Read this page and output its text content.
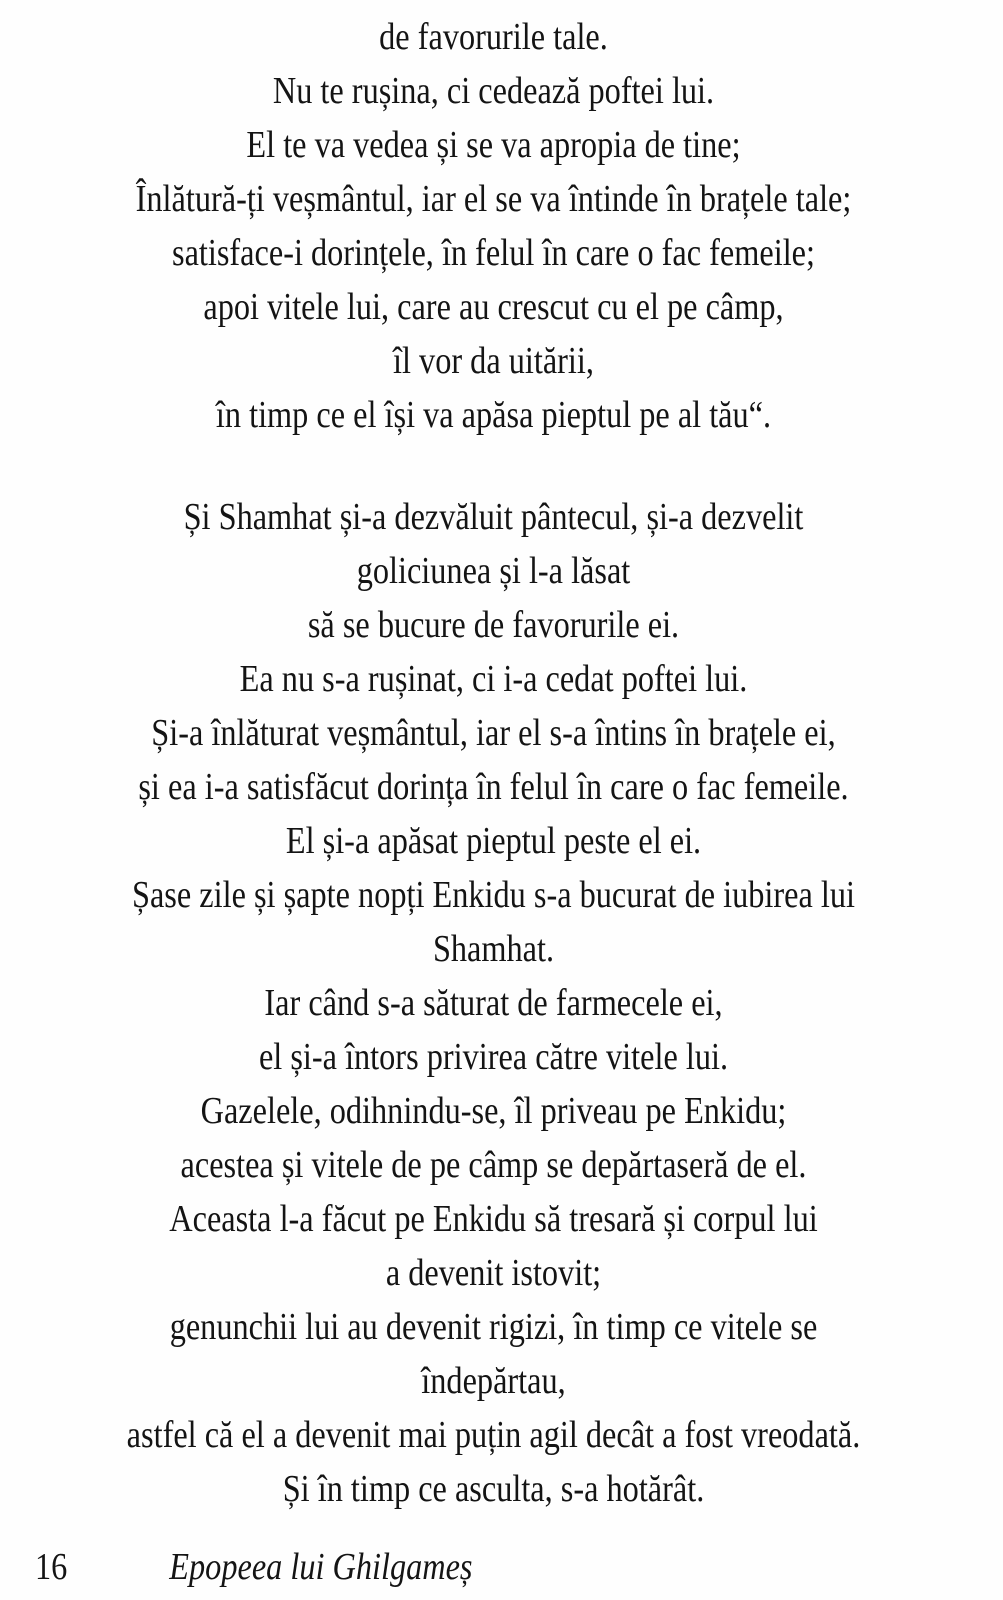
de favorurile tale.
Nu te rușina, ci cedează poftei lui.
El te va vedea și se va apropia de tine;
Înlătură-ți veșmântul, iar el se va întinde în brațele tale;
satisface-i dorințele, în felul în care o fac femeile;
apoi vitele lui, care au crescut cu el pe câmp,
îl vor da uitării,
în timp ce el își va apăsa pieptul pe al tău“.
Și Shamhat și-a dezvăluit pântecul, și-a dezvelit
goliciunea și l-a lăsat
să se bucure de favorurile ei.
Ea nu s-a rușinat, ci i-a cedat poftei lui.
Și-a înlăturat veșmântul, iar el s-a întins în brațele ei,
și ea i-a satisfăcut dorința în felul în care o fac femeile.
El și-a apăsat pieptul peste el ei.
Șase zile și șapte nopți Enkidu s-a bucurat de iubirea lui
Shamhat.
Iar când s-a săturat de farmecele ei,
el și-a întors privirea către vitele lui.
Gazelele, odihnindu-se, îl priveau pe Enkidu;
acestea și vitele de pe câmp se depărtaseră de el.
Aceasta l-a făcut pe Enkidu să tresară și corpul lui
a devenit istovit;
genunchii lui au devenit rigizi, în timp ce vitele se
îndepărtau,
astfel că el a devenit mai puțin agil decât a fost vreodată.
Și în timp ce asculta, s-a hotărât.
16	Epopeea lui Ghilgameș
